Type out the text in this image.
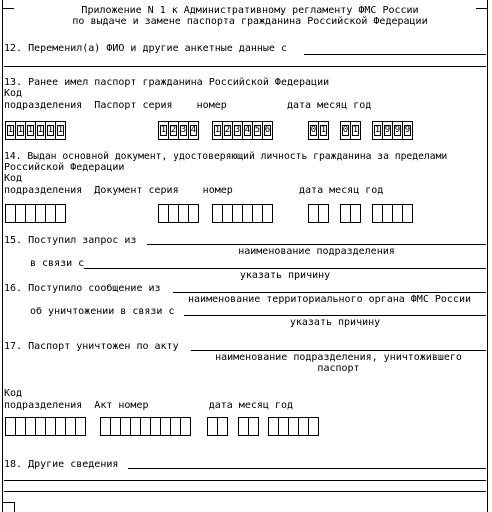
Приложение N 1 к Административному регламенту ФМС России
по выдаче и замене паспорта гражданина Российской Федерации
12. Переменил(а) ФИО и другие анкетные данные с
13. Ранее имел паспорт гражданина Российской Федерации
Код
подразделения  Паспорт серия    номер          дата месяц год
1 1 1 1 1 1	1 2 3 4 1 2 3 4 5 6	0 1 0 1 1 9 9 9
14. Выдан основной документ, удостоверяющий личность гражданина за пределами
Российской Федерации
Код
подразделения  Документ серия    номер           дата месяц год
15. Поступил запрос из
наименование подразделения
в связи с
указать причину
16. Поступило сообщение из
наименование территориального органа ФМС России
об уничтожении в связи с
указать причину
17. Паспорт уничтожен по акту
наименование подразделения, уничтожившего
паспорт
Код
подразделения  Акт номер          дата месяц год
18. Другие сведения
